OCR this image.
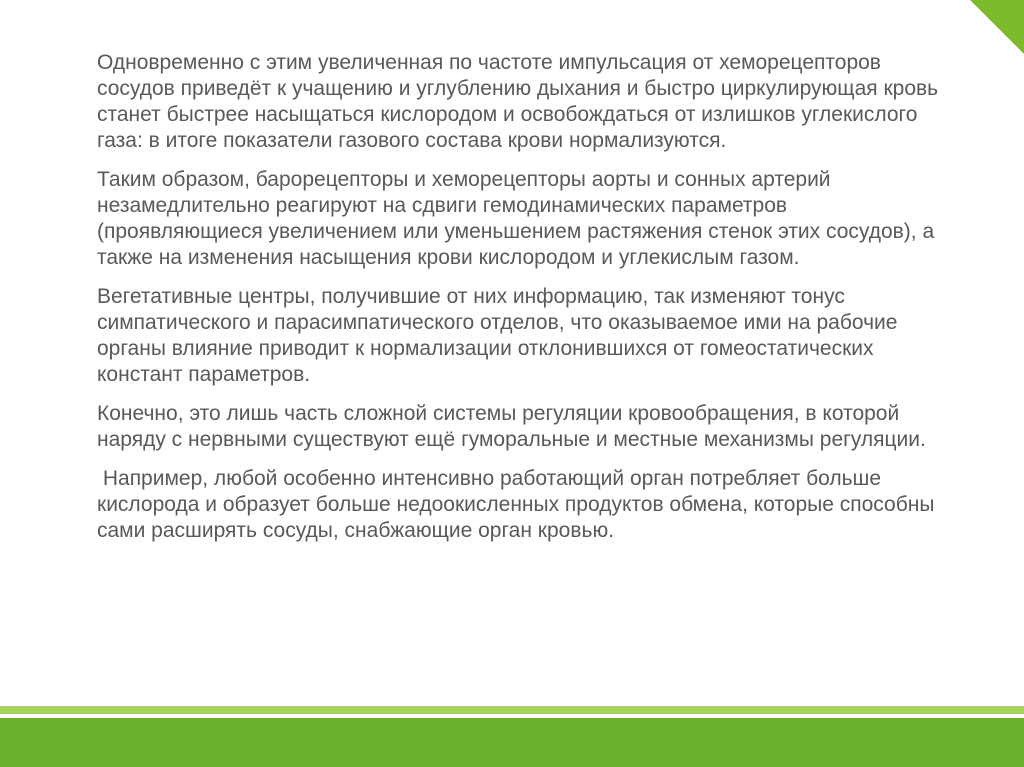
Одновременно с этим увеличенная по частоте импульсация от хеморецепторов сосудов приведёт к учащению и углублению дыхания и быстро циркулирующая кровь станет быстрее насыщаться кислородом и освобождаться от излишков углекислого газа: в итоге показатели газового состава крови нормализуются.

Таким образом, барорецепторы и хеморецепторы аорты и сонных артерий незамедлительно реагируют на сдвиги гемодинамических параметров (проявляющиеся увеличением или уменьшением растяжения стенок этих сосудов), а также на изменения насыщения крови кислородом и углекислым газом.

Вегетативные центры, получившие от них информацию, так изменяют тонус симпатического и парасимпатического отделов, что оказываемое ими на рабочие органы влияние приводит к нормализации отклонившихся от гомеостатических констант параметров.

Конечно, это лишь часть сложной системы регуляции кровообращения, в которой наряду с нервными существуют ещё гуморальные и местные механизмы регуляции.

Например, любой особенно интенсивно работающий орган потребляет больше кислорода и образует больше недоокисленных продуктов обмена, которые способны сами расширять сосуды, снабжающие орган кровью.
